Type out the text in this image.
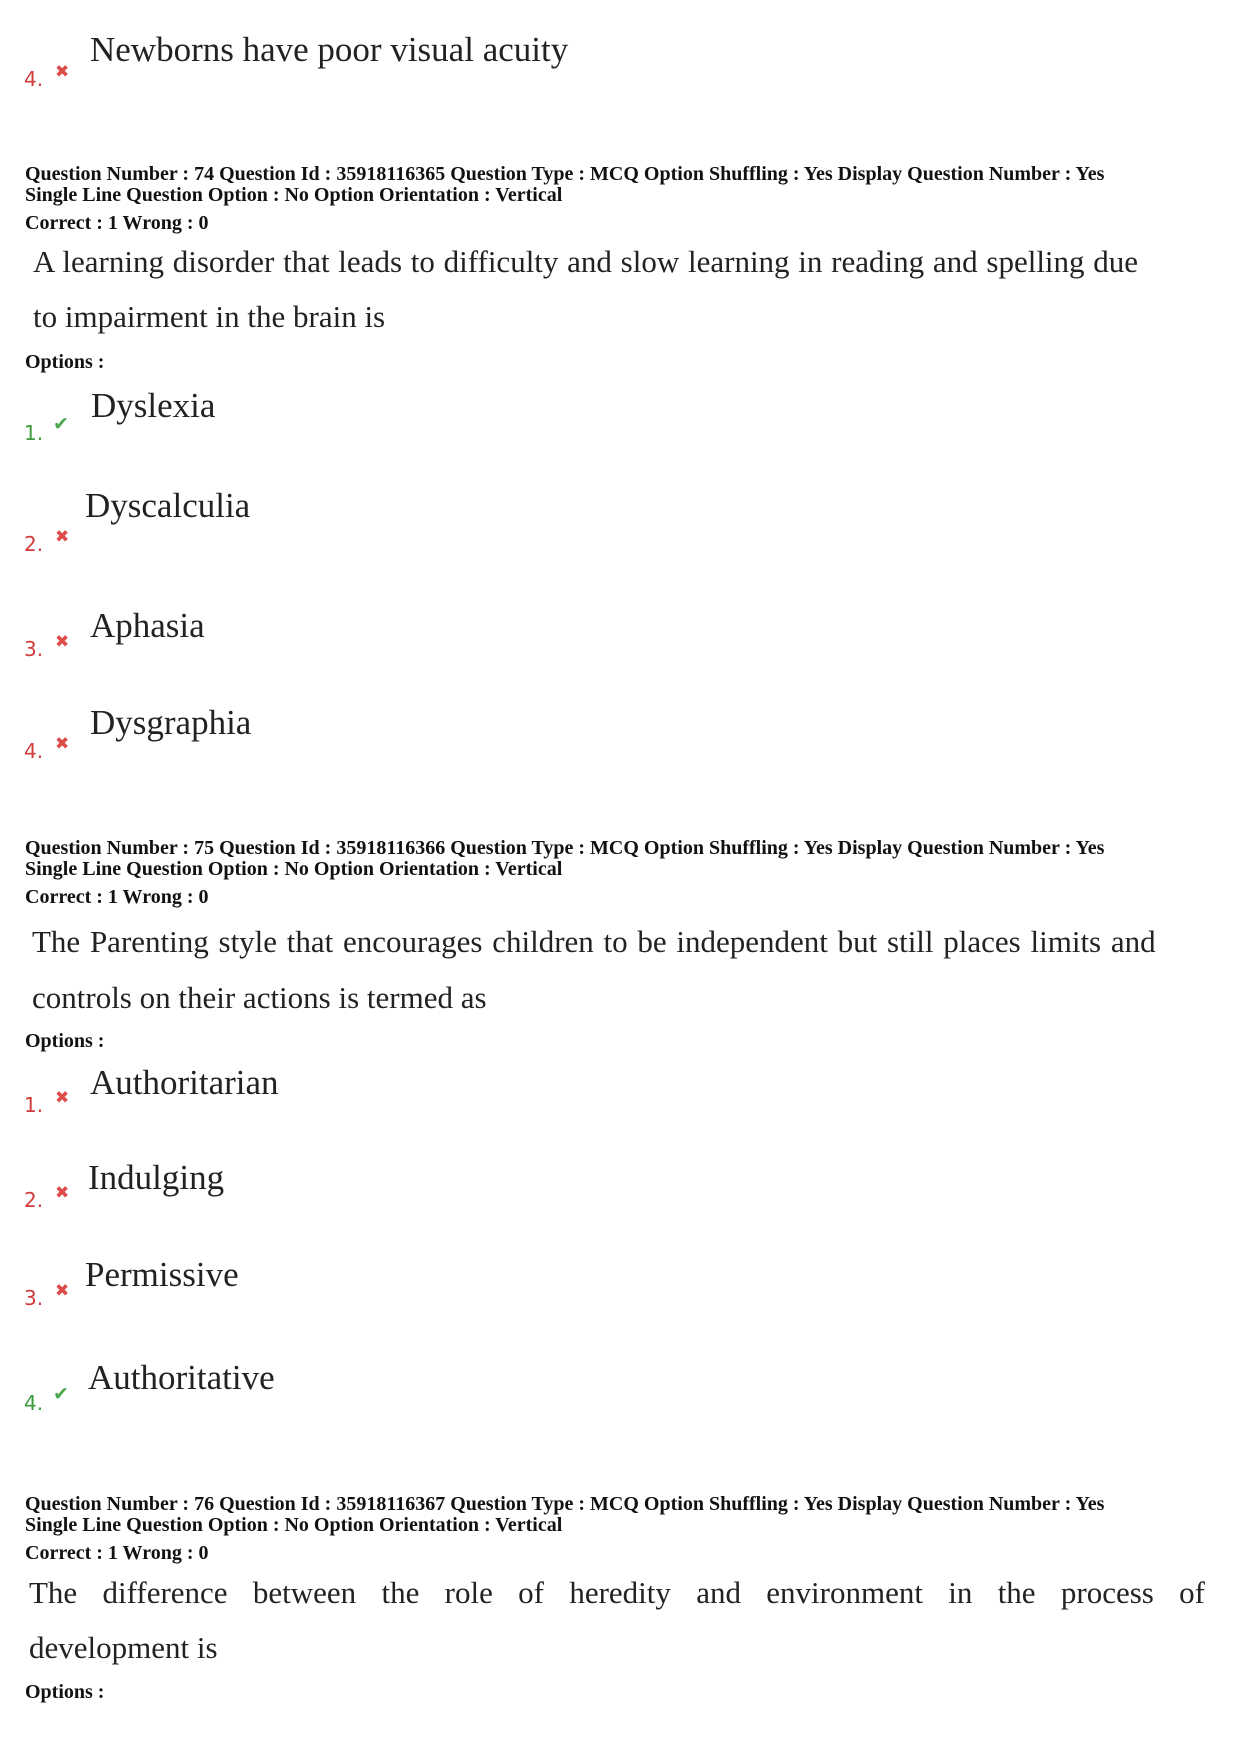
4. ✖
Newborns have poor visual acuity
Question Number : 74 Question Id : 35918116365 Question Type : MCQ Option Shuffling : Yes Display Question Number : Yes
Single Line Question Option : No Option Orientation : Vertical
Correct : 1 Wrong : 0
A learning disorder that leads to difficulty and slow learning in reading and spelling due
to impairment in the brain is
Options :
1. ✔ Dyslexia
2. ✖
Dyscalculia
3. ✖ Aphasia
4. ✖
Dysgraphia
Question Number : 75 Question Id : 35918116366 Question Type : MCQ Option Shuffling : Yes Display Question Number : Yes
Single Line Question Option : No Option Orientation : Vertical
Correct : 1 Wrong : 0
The Parenting style that encourages children to be independent but still places limits and
controls on their actions is termed as
Options :
1. ✖ Authoritarian
2. ✖ Indulging
3. ✖ Permissive
4. ✔ Authoritative
Question Number : 76 Question Id : 35918116367 Question Type : MCQ Option Shuffling : Yes Display Question Number : Yes
Single Line Question Option : No Option Orientation : Vertical
Correct : 1 Wrong : 0
The difference between the role of heredity and environment in the process of
development is
Options :
